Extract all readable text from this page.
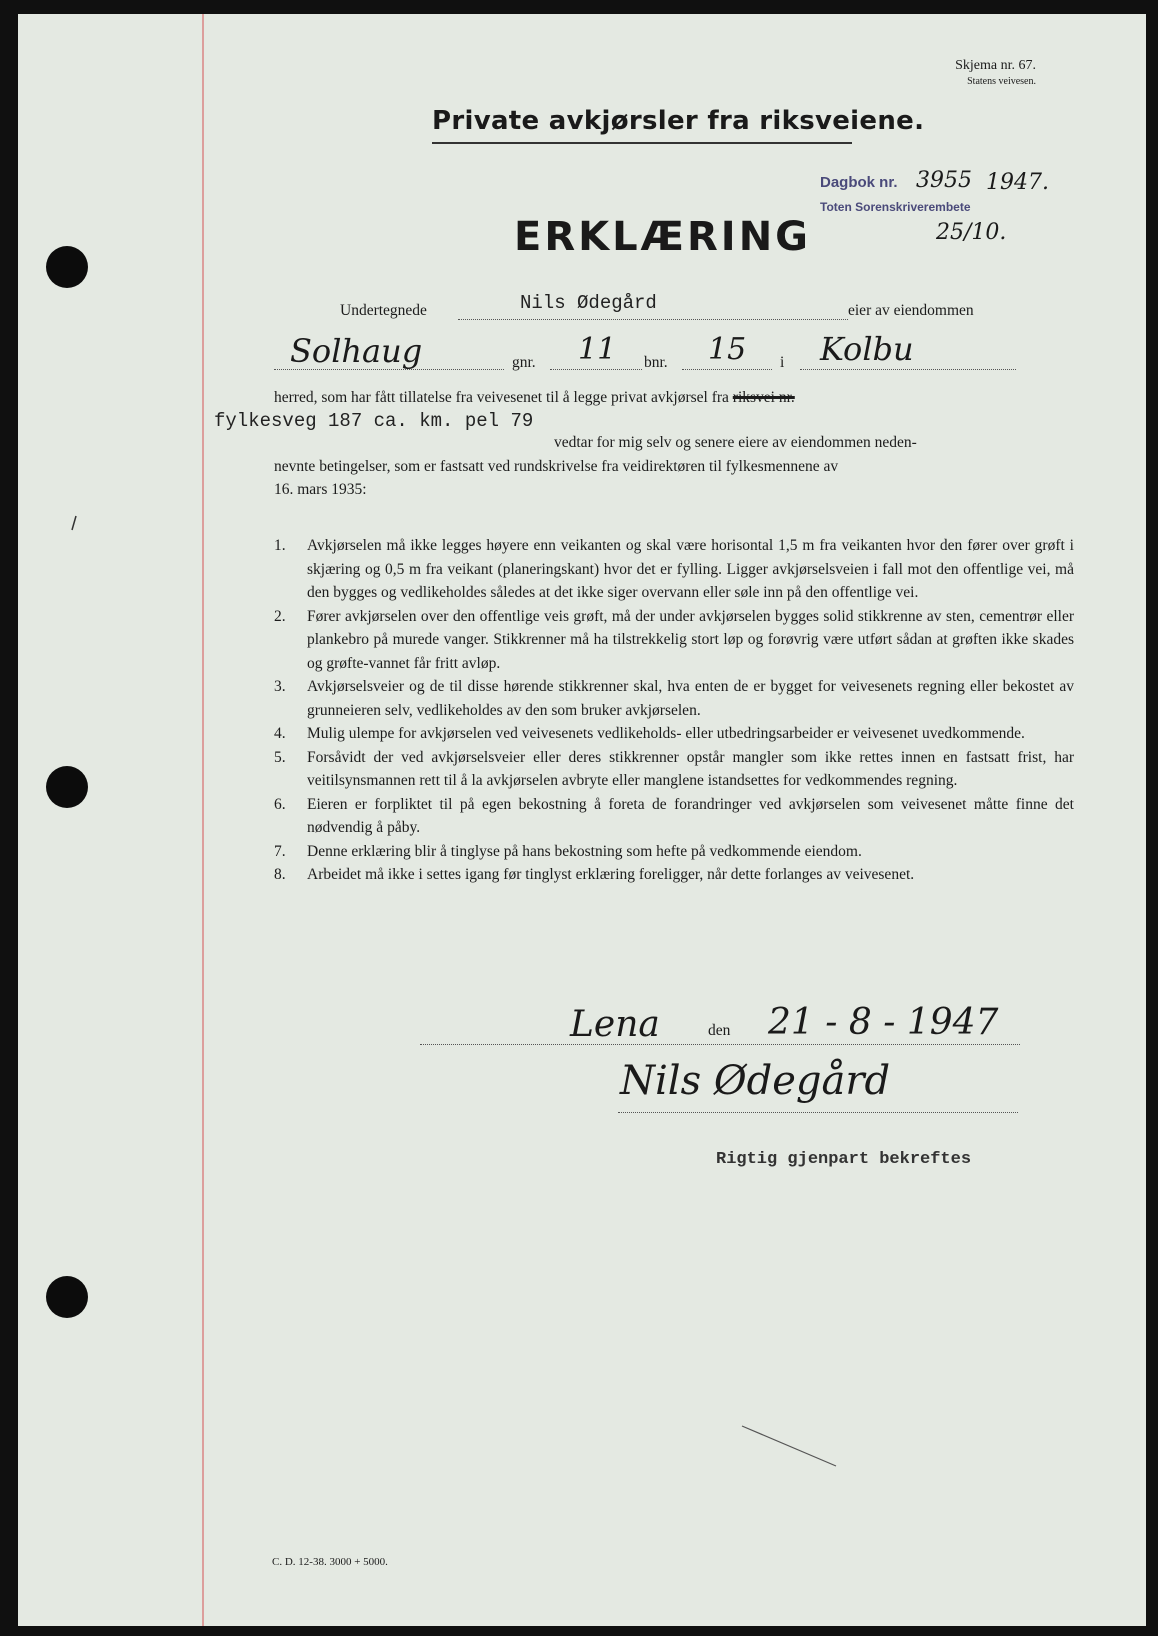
Skjema nr. 67.
Statens veivesen.
Private avkjørsler fra riksveiene.
ERKLÆRING
Dagbok nr. 3955 1947.
Toten Sorenskriverembete
25/10.
Undertegnede	Nils Ødegård	eier av eiendommen
Solhaug	gnr. 11 bnr. 15 i Kolbu
herred, som har fått tillatelse fra veivesenet til å legge privat avkjørsel fra riksvei nr.
fylkesveg 187 ca. km. pel 79
vedtar for mig selv og senere eiere av eiendommen neden-
nevnte betingelser, som er fastsatt ved rundskrivelse fra veidirektøren til fylkesmennene av
16. mars 1935:
1.	Avkjørselen må ikke legges høyere enn veikanten og skal være horisontal 1,5 m fra veikanten hvor den fører over grøft i skjæring og 0,5 m fra veikant (planeringskant) hvor det er fylling. Ligger avkjørselsveien i fall mot den offentlige vei, må den bygges og vedlikeholdes således at det ikke siger overvann eller søle inn på den offentlige vei.
2.	Fører avkjørselen over den offentlige veis grøft, må der under avkjørselen bygges solid stikkrenne av sten, cementrør eller plankebro på murede vanger. Stikkrenner må ha tilstrekkelig stort løp og forøvrig være utført sådan at grøften ikke skades og grøfte-vannet får fritt avløp.
3.	Avkjørselsveier og de til disse hørende stikkrenner skal, hva enten de er bygget for veivesenets regning eller bekostet av grunneieren selv, vedlikeholdes av den som bruker avkjørselen.
4.	Mulig ulempe for avkjørselen ved veivesenets vedlikeholds- eller utbedringsarbeider er veivesenet uvedkommende.
5.	Forsåvidt der ved avkjørselsveier eller deres stikkrenner opstår mangler som ikke rettes innen en fastsatt frist, har veitilsynsmannen rett til å la avkjørselen avbryte eller manglene istandsettes for vedkommendes regning.
6.	Eieren er forpliktet til på egen bekostning å foreta de forandringer ved avkjørselen som veivesenet måtte finne det nødvendig å påby.
7.	Denne erklæring blir å tinglyse på hans bekostning som hefte på vedkommende eiendom.
8.	Arbeidet må ikke i settes igang før tinglyst erklæring foreligger, når dette forlanges av veivesenet.
Lena	den 21 - 8 - 1947
Nils Ødegård
Rigtig gjenpart bekreftes
C. D. 12-38. 3000 + 5000.
